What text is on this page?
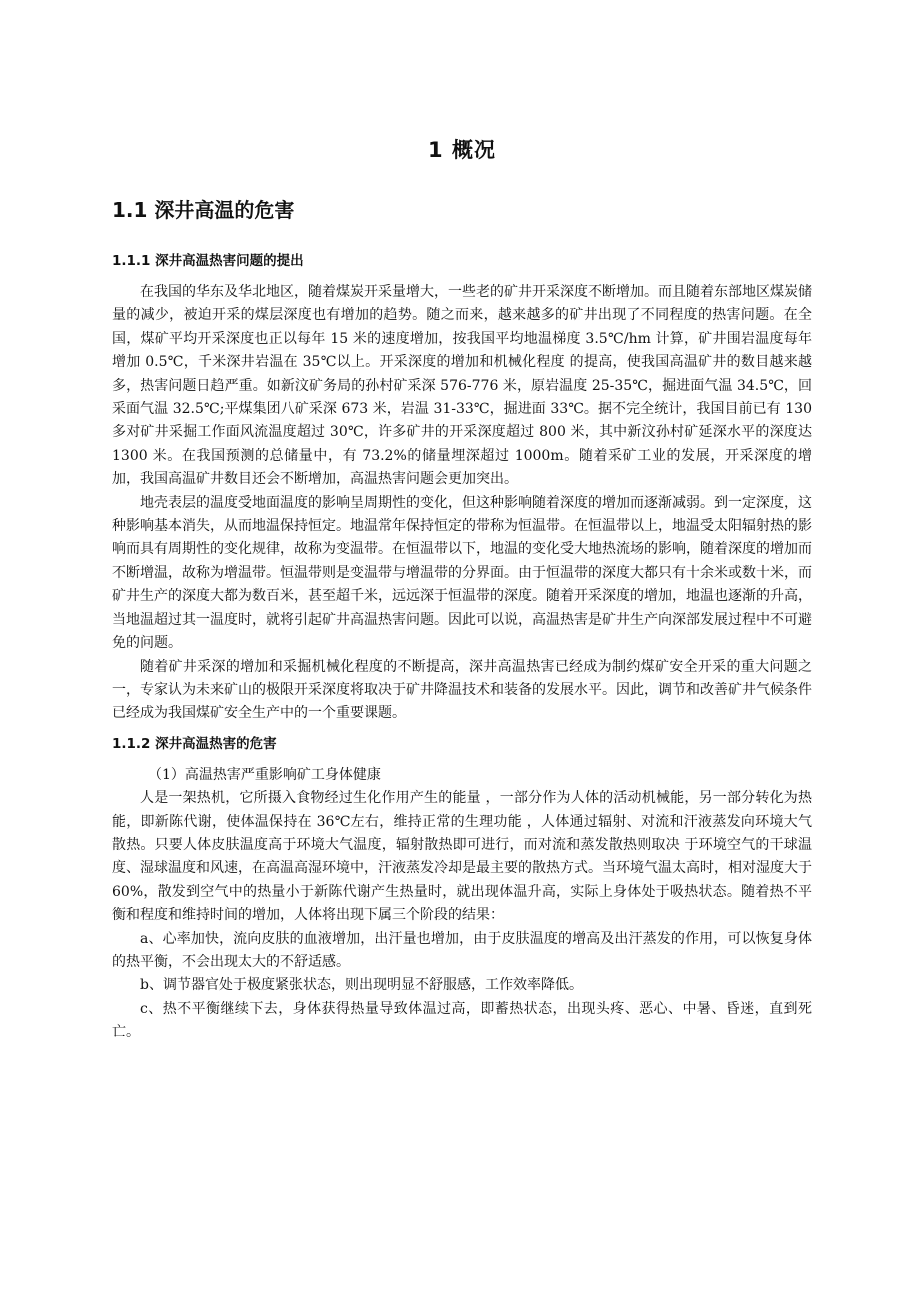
1 概况
1.1 深井高温的危害
1.1.1 深井高温热害问题的提出

在我国的华东及华北地区，随着煤炭开采量增大，一些老的矿井开采深度不断增加。而且随着东部地区煤炭储量的减少，被迫开采的煤层深度也有增加的趋势。随之而来，越来越多的矿井出现了不同程度的热害问题。在全国，煤矿平均开采深度也正以每年 15 米的速度增加，按我国平均地温梯度 3.5℃/hm 计算，矿井围岩温度每年增加 0.5℃，千米深井岩温在 35℃以上。开采深度的增加和机械化程度 的提高，使我国高温矿井的数目越来越多，热害问题日趋严重。如新汶矿务局的孙村矿采深 576-776 米，原岩温度 25-35℃，掘进面气温 34.5℃，回采面气温 32.5℃;平煤集团八矿采深 673 米，岩温 31-33℃，掘进面 33℃。据不完全统计，我国目前已有 130 多对矿井采掘工作面风流温度超过 30℃，许多矿井的开采深度超过 800 米，其中新汶孙村矿延深水平的深度达 1300 米。在我国预测的总储量中，有 73.2%的储量埋深超过 1000m。随着采矿工业的发展，开采深度的增加，我国高温矿井数目还会不断增加，高温热害问题会更加突出。

地壳表层的温度受地面温度的影响呈周期性的变化，但这种影响随着深度的增加而逐渐减弱。到一定深度，这种影响基本消失，从而地温保持恒定。地温常年保持恒定的带称为恒温带。在恒温带以上，地温受太阳辐射热的影响而具有周期性的变化规律，故称为变温带。在恒温带以下，地温的变化受大地热流场的影响，随着深度的增加而不断增温，故称为增温带。恒温带则是变温带与增温带的分界面。由于恒温带的深度大都只有十余米或数十米，而矿井生产的深度大都为数百米，甚至超千米，远远深于恒温带的深度。随着开采深度的增加，地温也逐渐的升高，当地温超过其一温度时，就将引起矿井高温热害问题。因此可以说，高温热害是矿井生产向深部发展过程中不可避免的问题。

随着矿井采深的增加和采掘机械化程度的不断提高，深井高温热害已经成为制约煤矿安全开采的重大问题之一，专家认为未来矿山的极限开采深度将取决于矿井降温技术和装备的发展水平。因此，调节和改善矿井气候条件已经成为我国煤矿安全生产中的一个重要课题。

1.1.2 深井高温热害的危害

（1）高温热害严重影响矿工身体健康

人是一架热机，它所摄入食物经过生化作用产生的能量 ，一部分作为人体的活动机械能，另一部分转化为热能，即新陈代谢，使体温保持在 36℃左右，维持正常的生理功能 ，人体通过辐射、对流和汗液蒸发向环境大气散热。只要人体皮肤温度高于环境大气温度，辐射散热即可进行，而对流和蒸发散热则取决 于环境空气的干球温度、湿球温度和风速，在高温高湿环境中，汗液蒸发冷却是最主要的散热方式。当环境气温太高时，相对湿度大于 60%，散发到空气中的热量小于新陈代谢产生热量时，就出现体温升高，实际上身体处于吸热状态。随着热不平衡和程度和维持时间的增加，人体将出现下属三个阶段的结果：

a、心率加快，流向皮肤的血液增加，出汗量也增加，由于皮肤温度的增高及出汗蒸发的作用，可以恢复身体的热平衡，不会出现太大的不舒适感。

b、调节器官处于极度紧张状态，则出现明显不舒服感，工作效率降低。

c、热不平衡继续下去，身体获得热量导致体温过高，即蓄热状态，出现头疼、恶心、中暑、昏迷，直到死亡。
